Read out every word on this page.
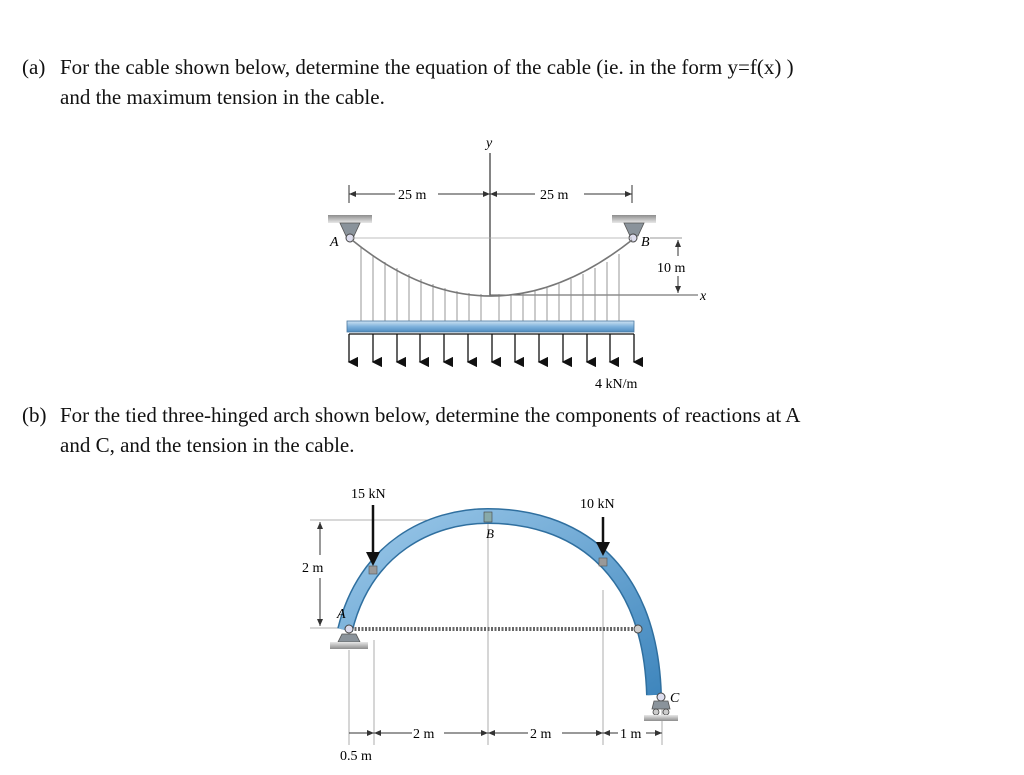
(a) For the cable shown below, determine the equation of the cable (ie. in the form y=f(x) )
and the maximum tension in the cable.
(b) For the tied three-hinged arch shown below, determine the components of reactions at A
and C, and the tension in the cable.
y
x
25 m	25 m
A	B
10 m
4 kN/m
2 m
B
A
C
15 kN
10 kN
2 m	2 m	1 m
0.5 m
